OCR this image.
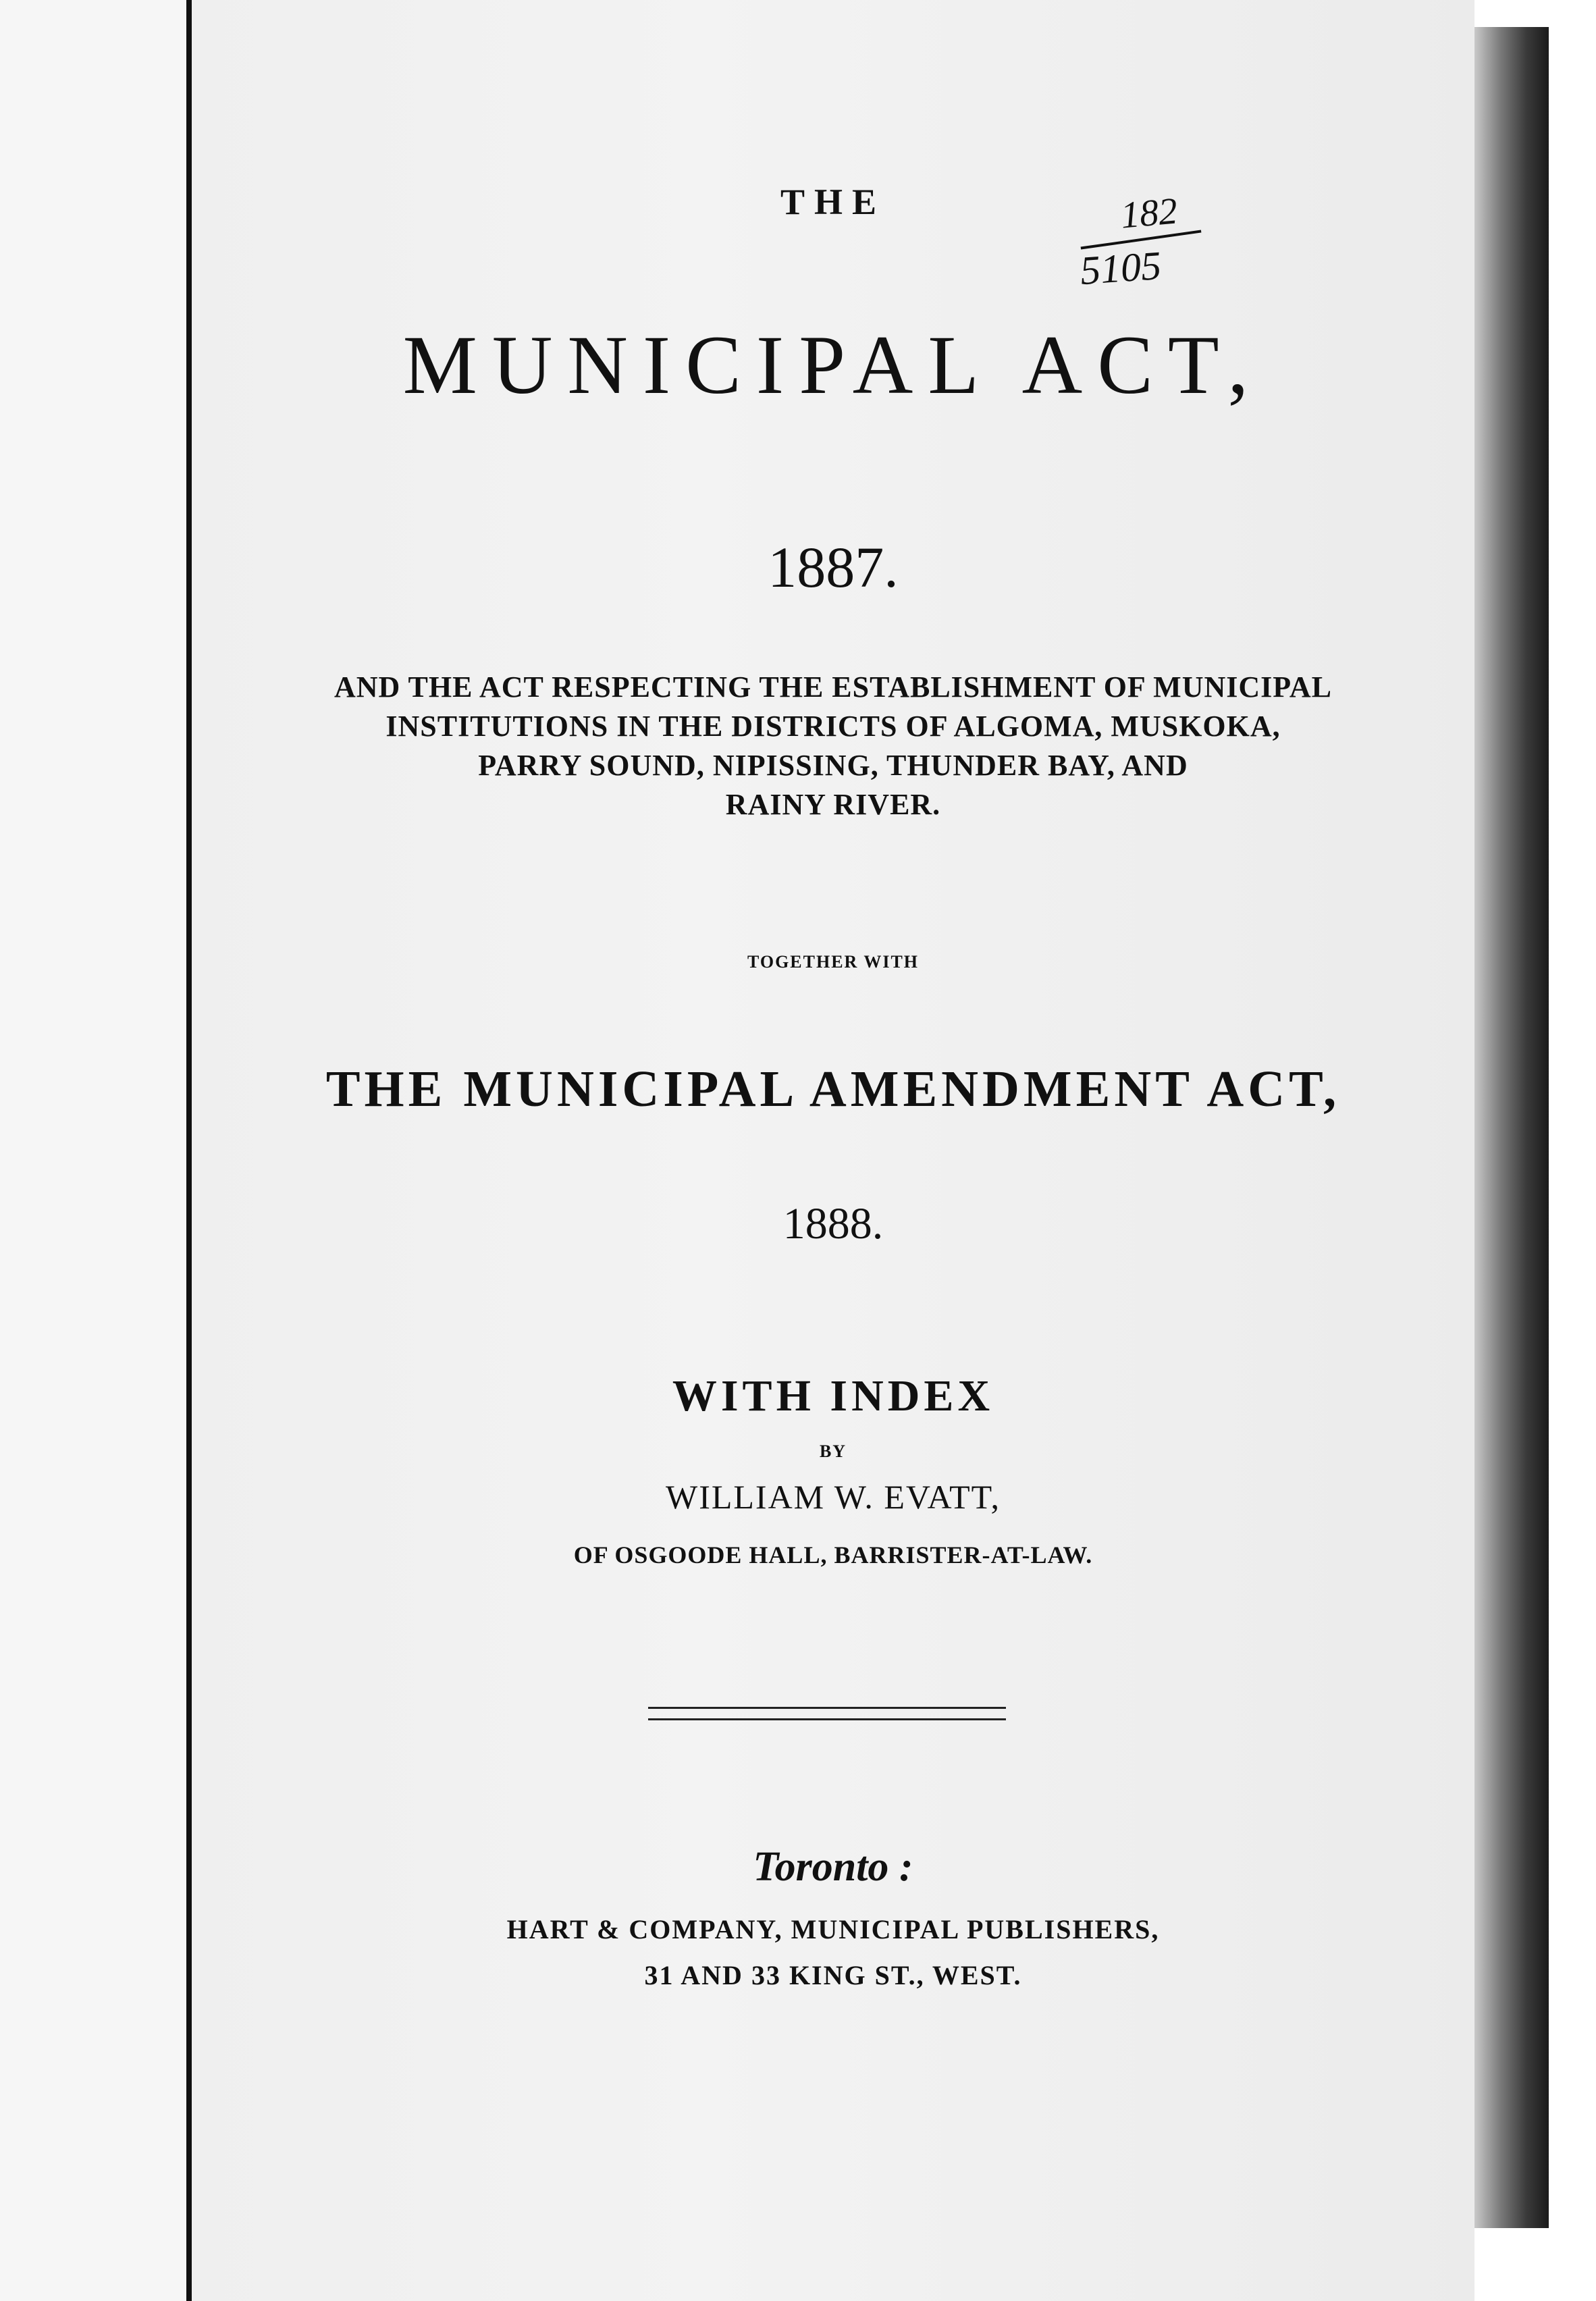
182
5105
THE
MUNICIPAL ACT,
1887.
AND THE ACT RESPECTING THE ESTABLISHMENT OF MUNICIPAL
INSTITUTIONS IN THE DISTRICTS OF ALGOMA, MUSKOKA,
PARRY SOUND, NIPISSING, THUNDER BAY, AND
RAINY RIVER.
TOGETHER WITH
THE MUNICIPAL AMENDMENT ACT,
1888.
WITH INDEX
BY
WILLIAM W. EVATT,
OF OSGOODE HALL, BARRISTER-AT-LAW.
Toronto :
HART & COMPANY, MUNICIPAL PUBLISHERS,
31 AND 33 KING ST., WEST.
